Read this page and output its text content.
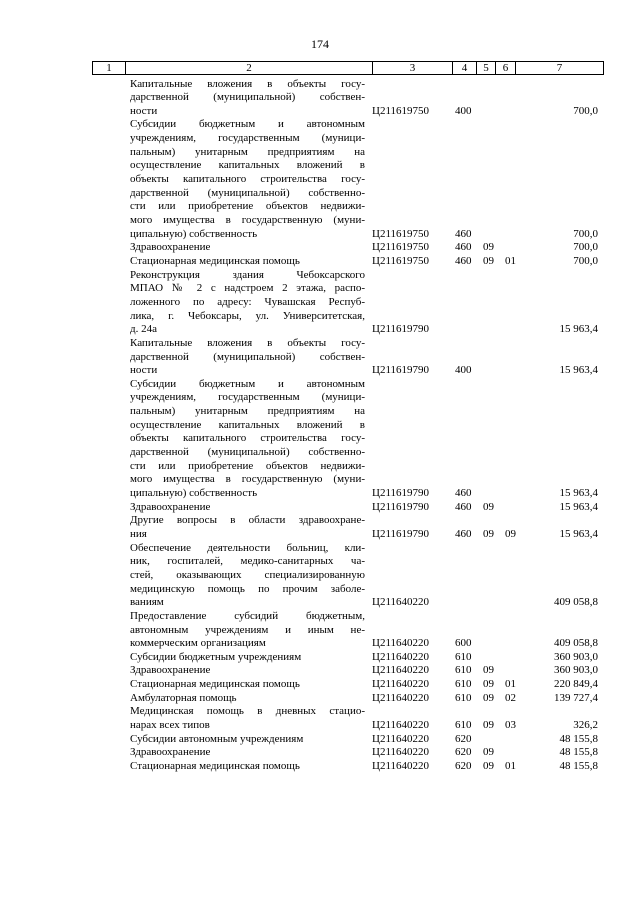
174
1	2	3	4	5	6	7
Капитальные вложения в объекты госу-
дарственной (муниципальной) собствен-
ности	Ц211619750 400	700,0
Субсидии бюджетным и автономным
учреждениям, государственным (муници-
пальным) унитарным предприятиям на
осуществление капитальных вложений в
объекты капитального строительства госу-
дарственной (муниципальной) собственно-
сти или приобретение объектов недвижи-
мого имущества в государственную (муни-
ципальную) собственность	Ц211619750 460	700,0
Здравоохранение	Ц211619750 460 09	700,0
Стационарная медицинская помощь	Ц211619750 460 09 01	700,0
Реконструкция здания Чебоксарского
МПАО № 2 с надстроем 2 этажа, распо-
ложенного по адресу: Чувашская Респуб-
лика, г. Чебоксары, ул. Университетская,
д. 24а	Ц211619790	15 963,4
Капитальные вложения в объекты госу-
дарственной (муниципальной) собствен-
ности	Ц211619790 400	15 963,4
Субсидии бюджетным и автономным
учреждениям, государственным (муници-
пальным) унитарным предприятиям на
осуществление капитальных вложений в
объекты капитального строительства госу-
дарственной (муниципальной) собственно-
сти или приобретение объектов недвижи-
мого имущества в государственную (муни-
ципальную) собственность	Ц211619790 460	15 963,4
Здравоохранение	Ц211619790 460 09	15 963,4
Другие вопросы в области здравоохране-
ния	Ц211619790 460 09 09	15 963,4
Обеспечение деятельности больниц, кли-
ник, госпиталей, медико-санитарных ча-
стей, оказывающих специализированную
медицинскую помощь по прочим заболе-
ваниям	Ц211640220	409 058,8
Предоставление субсидий бюджетным,
автономным учреждениям и иным не-
коммерческим организациям	Ц211640220 600	409 058,8
Субсидии бюджетным учреждениям	Ц211640220 610	360 903,0
Здравоохранение	Ц211640220 610 09	360 903,0
Стационарная медицинская помощь	Ц211640220 610 09 01	220 849,4
Амбулаторная помощь	Ц211640220 610 09 02	139 727,4
Медицинская помощь в дневных стацио-
нарах всех типов	Ц211640220 610 09 03	326,2
Субсидии автономным учреждениям	Ц211640220 620	48 155,8
Здравоохранение	Ц211640220 620 09	48 155,8
Стационарная медицинская помощь	Ц211640220 620 09 01	48 155,8
